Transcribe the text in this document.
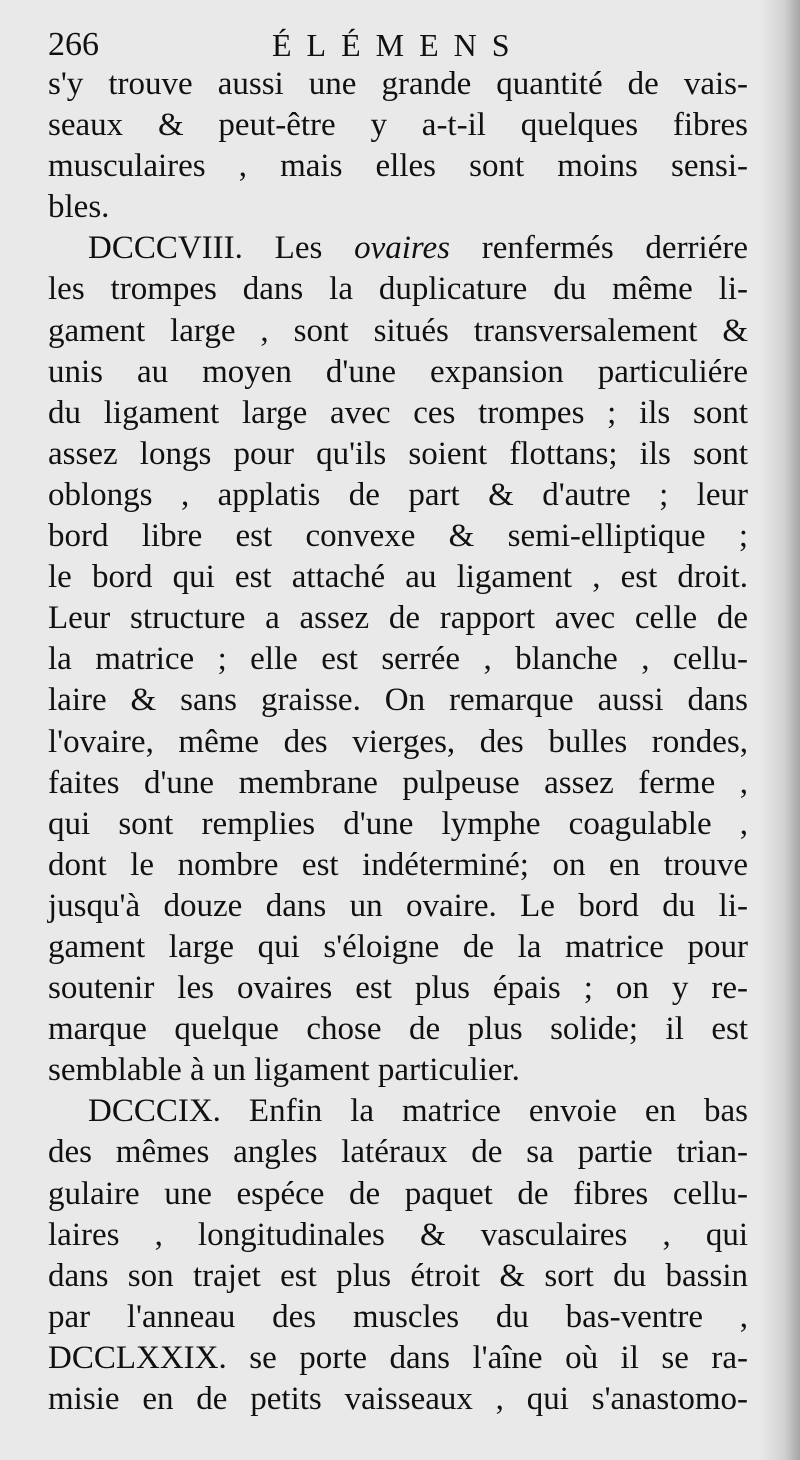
266	ÉLÉMENS
s'y trouve aussi une grande quantité de vais-
seaux & peut-être y a-t-il quelques fibres
musculaires , mais elles sont moins sensi-
bles.
DCCCVIII. Les ovaires renfermés derriére
les trompes dans la duplicature du même li-
gament large , sont situés transversalement &
unis au moyen d'une expansion particuliére
du ligament large avec ces trompes ; ils sont
assez longs pour qu'ils soient flottans; ils sont
oblongs , applatis de part & d'autre ; leur
bord libre est convexe & semi-elliptique ;
le bord qui est attaché au ligament , est droit.
Leur structure a assez de rapport avec celle de
la matrice ; elle est serrée , blanche , cellu-
laire & sans graisse. On remarque aussi dans
l'ovaire, même des vierges, des bulles rondes,
faites d'une membrane pulpeuse assez ferme ,
qui sont remplies d'une lymphe coagulable ,
dont le nombre est indéterminé; on en trouve
jusqu'à douze dans un ovaire. Le bord du li-
gament large qui s'éloigne de la matrice pour
soutenir les ovaires est plus épais ; on y re-
marque quelque chose de plus solide; il est
semblable à un ligament particulier.
DCCCIX. Enfin la matrice envoie en bas
des mêmes angles latéraux de sa partie trian-
gulaire une espéce de paquet de fibres cellu-
laires , longitudinales & vasculaires , qui
dans son trajet est plus étroit & sort du bassin
par l'anneau des muscles du bas-ventre ,
DCCLXXIX. se porte dans l'aîne où il se ra-
misie en de petits vaisseaux , qui s'anastomo-
